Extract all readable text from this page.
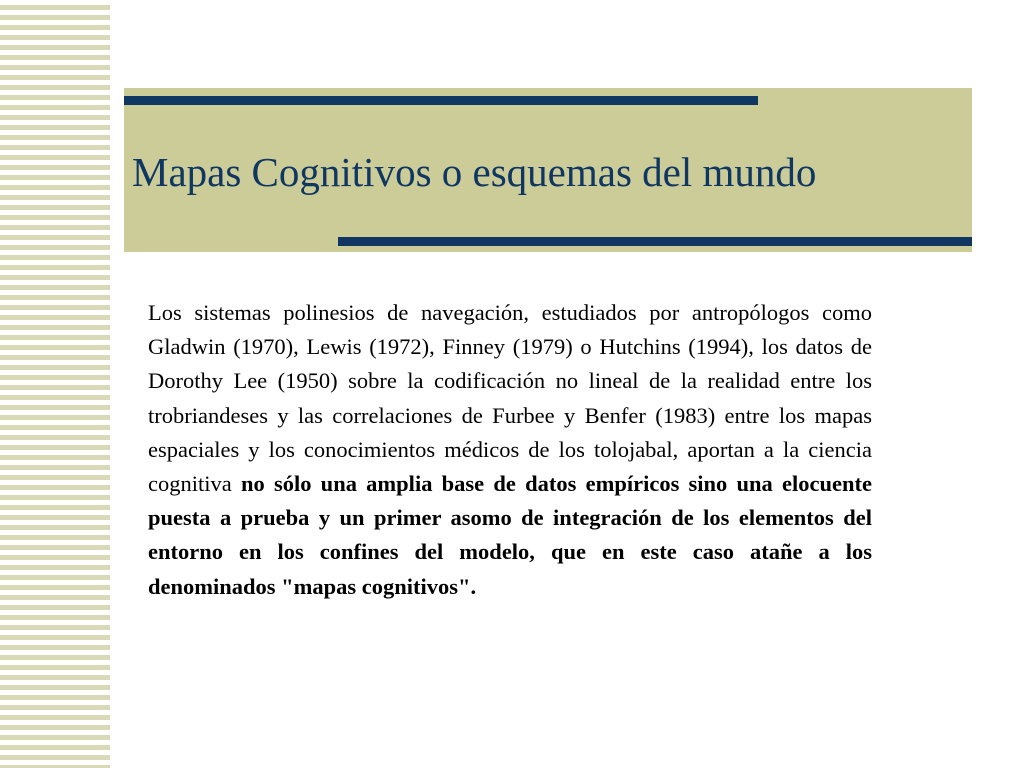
Mapas Cognitivos o esquemas del mundo

Los sistemas polinesios de navegación, estudiados por antropólogos como Gladwin (1970), Lewis (1972), Finney (1979) o Hutchins (1994), los datos de Dorothy Lee (1950) sobre la codificación no lineal de la realidad entre los trobriandeses y las correlaciones de Furbee y Benfer (1983) entre los mapas espaciales y los conocimientos médicos de los tolojabal, aportan a la ciencia cognitiva no sólo una amplia base de datos empíricos sino una elocuente puesta a prueba y un primer asomo de integración de los elementos del entorno en los confines del modelo, que en este caso atañe a los denominados "mapas cognitivos".
